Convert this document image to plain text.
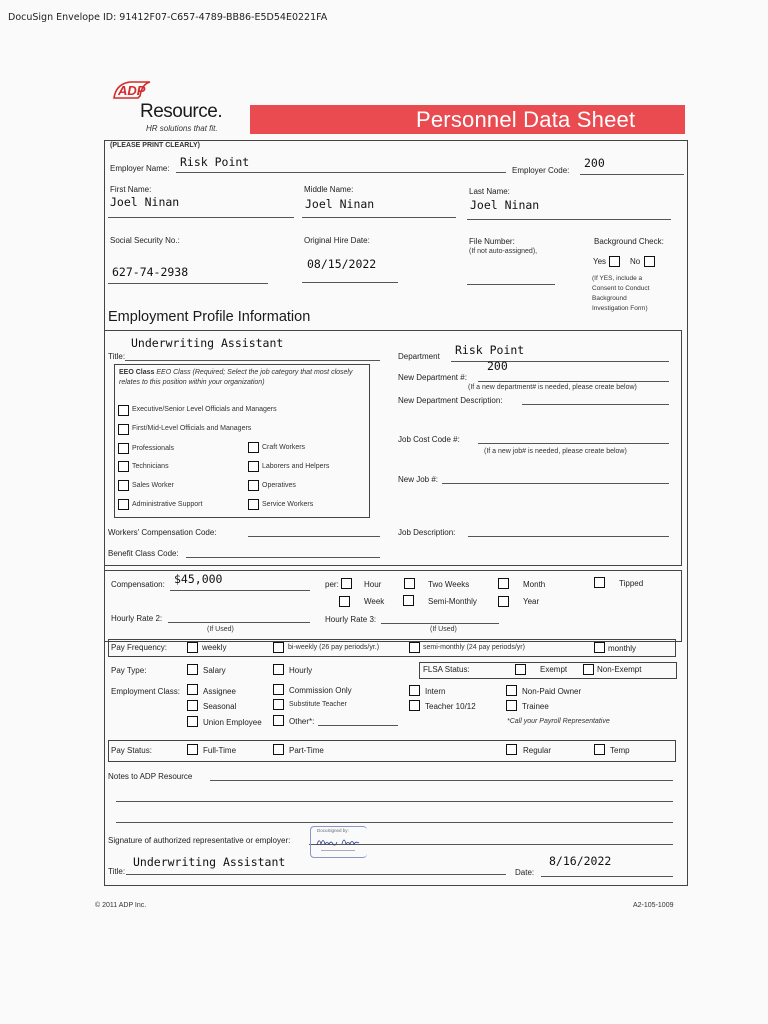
DocuSign Envelope ID: 91412F07-C657-4789-BB86-E5D54E0221FA
ADP
Resource.
HR solutions that fit.	Personnel Data Sheet
(PLEASE PRINT CLEARLY)
Employer Name: Risk Point
Employer Code:
200
First Name:
Joel Ninan
Middle Name:
Joel Ninan
Last Name:
Joel Ninan
Social Security No.:
627-74-2938
Original Hire Date:
08/15/2022
File Number:
(If not auto-assigned),
Background Check:
Yes	No
(If YES, include a
Consent to Conduct
Background
Investigation Form)
Employment Profile Information
Title:
Underwriting Assistant
Department Risk Point
New Department #:
200
(If a new department# is needed, please create below)
New Department Description:
EEO Class EEO Class (Required; Select the job category that most closely
relates to this position within your organization)
Executive/Senior Level Officials and Managers
First/Mid-Level Officials and Managers
Professionals	Craft Workers
Technicians	Laborers and Helpers
Sales Worker	Operatives
Administrative Support	Service Workers
Job Cost Code #:
(If a new job# is needed, please create below)
New Job #:
Workers' Compensation Code:	Job Description:
Benefit Class Code:
Compensation: $45,000	per:	Hour	Two Weeks	Month	Tipped
Week	Semi-Monthly	Year
Hourly Rate 2:
(If Used)
Hourly Rate 3:
(If Used)
Pay Frequency:	weekly	bi-weekly (26 pay periods/yr.)	semi-monthly (24 pay periods/yr)	monthly
Pay Type:	Salary	Hourly	FLSA Status:	Exempt	Non-Exempt
Employment Class:	Assignee	Commission Only	Intern	Non-Paid Owner
Seasonal	Substitute Teacher	Teacher 10/12	Trainee
Union Employee	Other*:	*Call your Payroll Representative
Pay Status:	Full-Time	Part-Time	Regular	Temp
Notes to ADP Resource
Signature of authorized representative or employer:
DocuSigned by:
Title:
Underwriting Assistant
Date:
8/16/2022
© 2011 ADP Inc.	A2-105-1009
